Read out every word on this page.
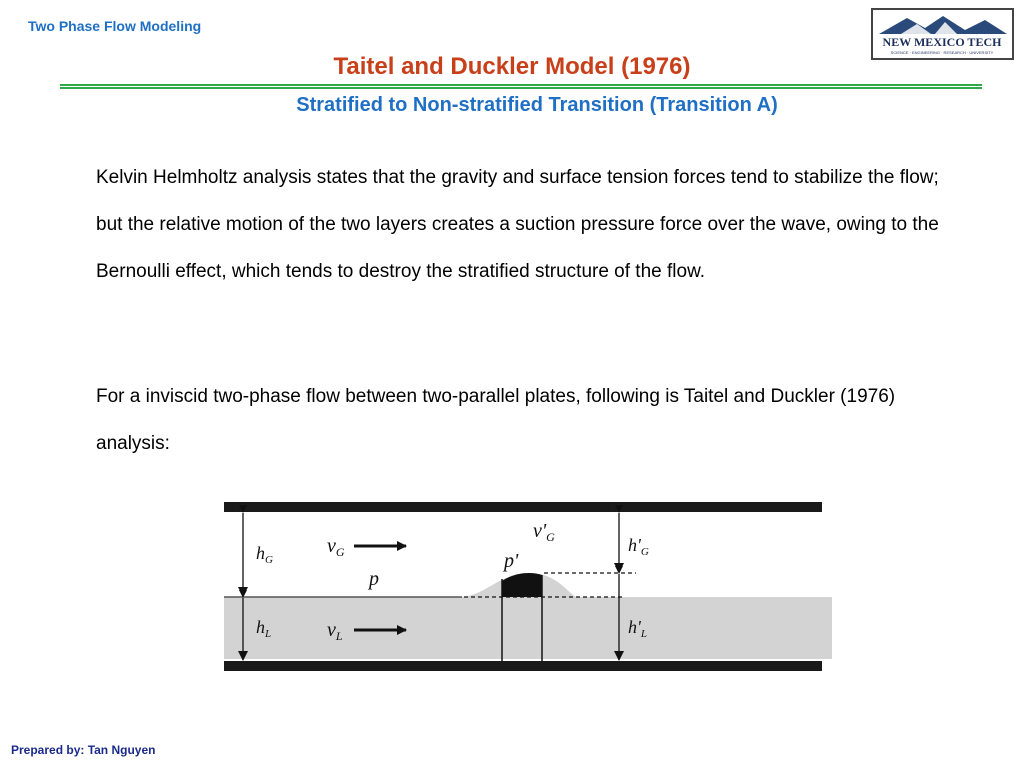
Two Phase Flow Modeling
NEW MEXICO TECH
SCIENCE · ENGINEERING · RESEARCH · UNIVERSITY
Taitel and Duckler Model (1976)
Stratified to Non-stratified Transition (Transition A)
Kelvin Helmholtz analysis states that the gravity and surface tension forces tend to stabilize the flow; but the relative motion of the two layers creates a suction pressure force over the wave, owing to the Bernoulli effect, which tends to destroy the stratified structure of the flow.
For a inviscid two-phase flow between two-parallel plates, following is Taitel and Duckler (1976) analysis:
$h_G$
$h_L$
$v_G$
$v_L$
p
p'
$v'_G$	$h'_G$
$h'_L$
Prepared by: Tan Nguyen
